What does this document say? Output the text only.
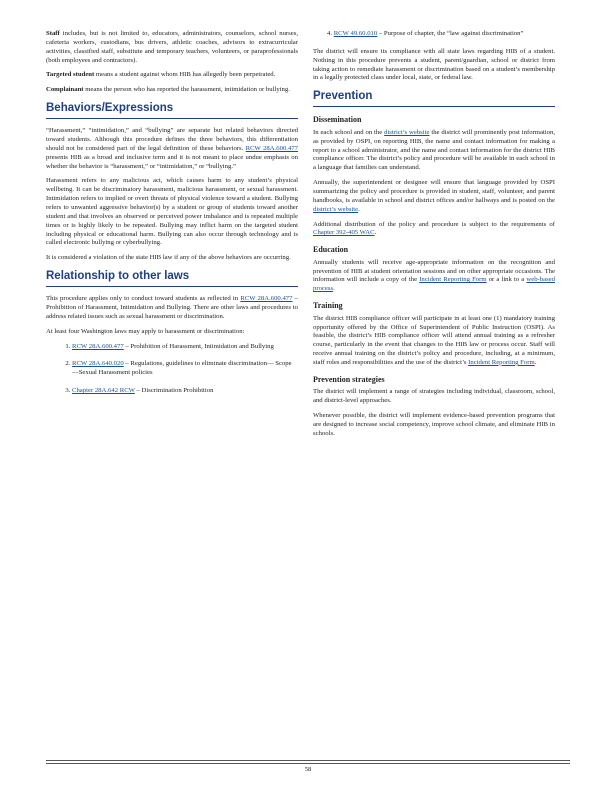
Staff includes, but is not limited to, educators, administrators, counselors, school nurses, cafeteria workers, custodians, bus drivers, athletic coaches, advisors to extracurricular activities, classified staff, substitute and temporary teachers, volunteers, or paraprofessionals (both employees and contractors).

Targeted student means a student against whom HIB has allegedly been perpetrated.

Complainant means the person who has reported the harassment, intimidation or bullying.

Behaviors/Expressions

“Harassment,” “intimidation,” and “bullying” are separate but related behaviors directed toward students. Although this procedure defines the three behaviors, this differentiation should not be considered part of the legal definition of these behaviors. RCW 28A.600.477 presents HIB as a broad and inclusive term and it is not meant to place undue emphasis on whether the behavior is “harassment,” or “intimidation,” or “bullying.”

Harassment refers to any malicious act, which causes harm to any student’s physical wellbeing. It can be discriminatory harassment, malicious harassment, or sexual harassment. Intimidation refers to implied or overt threats of physical violence toward a student. Bullying refers to unwanted aggressive behavior(s) by a student or group of students toward another student and that involves an observed or perceived power imbalance and is repeated multiple times or is highly likely to be repeated. Bullying may inflict harm on the targeted student including physical or educational harm. Bullying can also occur through technology and is called electronic bullying or cyberbullying.

It is considered a violation of the state HIB law if any of the above behaviors are occurring.

Relationship to other laws

This procedure applies only to conduct toward students as reflected in RCW 28A.600.477 – Prohibition of Harassment, Intimidation and Bullying. There are other laws and procedures to address related issues such as sexual harassment or discrimination.

At least four Washington laws may apply to harassment or discrimination:

1. RCW 28A.600.477 – Prohibition of Harassment, Intimidation and Bullying
2. RCW 28A.640.020 – Regulations, guidelines to eliminate discrimination— Scope—Sexual Harassment policies
3. Chapter 28A.642 RCW – Discrimination Prohibition
4. RCW 49.60.010 – Purpose of chapter, the “law against discrimination”

The district will ensure its compliance with all state laws regarding HIB of a student. Nothing in this procedure prevents a student, parent/guardian, school or district from taking action to remediate harassment or discrimination based on a student’s membership in a legally protected class under local, state, or federal law.

Prevention
Dissemination

In each school and on the district’s website the district will prominently post information, as provided by OSPI, on reporting HIB, the name and contact information for making a report to a school administrator, and the name and contact information for the district HIB compliance officer. The district’s policy and procedure will be available in each school in a language that families can understand.

Annually, the superintendent or designee will ensure that language provided by OSPI summarizing the policy and procedure is provided in student, staff, volunteer, and parent handbooks, is available in school and district offices and/or hallways and is posted on the district’s website.

Additional distribution of the policy and procedure is subject to the requirements of Chapter 392-405 WAC.

Education

Annually students will receive age-appropriate information on the recognition and prevention of HIB at student orientation sessions and on other appropriate occasions. The information will include a copy of the Incident Reporting Form or a link to a web-based process.

Training

The district HIB compliance officer will participate in at least one (1) mandatory training opportunity offered by the Office of Superintendent of Public Instruction (OSPI). As feasible, the district’s HIB compliance officer will attend annual training as a refresher course, particularly in the event that changes to the HIB law or process occur. Staff will receive annual training on the district’s policy and procedure, including, at a minimum, staff roles and responsibilities and the use of the district’s Incident Reporting Form.

Prevention strategies

The district will implement a range of strategies including individual, classroom, school, and district-level approaches.

Whenever possible, the district will implement evidence-based prevention programs that are designed to increase social competency, improve school climate, and eliminate HIB in schools.

58
